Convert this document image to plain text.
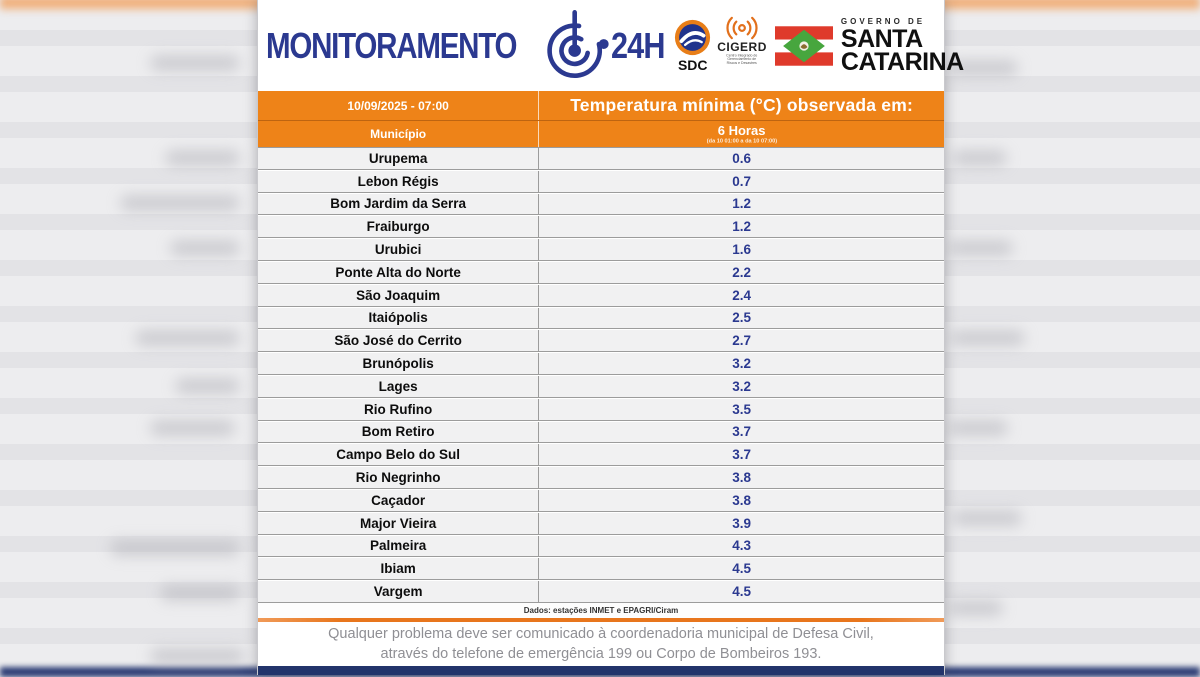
MONITORAMENTO	24H SDC
CIGERD
Centro Integrado de Gerenciamento de Riscos e Desastres
GOVERNO DE
SANTA
CATARINA
10/09/2025 - 07:00	Temperatura mínima (°C) observada em:
Município	6 Horas
(da 10 01:00 a da 10 07:00)
Urupema	0.6
Lebon Régis	0.7
Bom Jardim da Serra	1.2
Fraiburgo	1.2
Urubici	1.6
Ponte Alta do Norte	2.2
São Joaquim	2.4
Itaiópolis	2.5
São José do Cerrito	2.7
Brunópolis	3.2
Lages	3.2
Rio Rufino	3.5
Bom Retiro	3.7
Campo Belo do Sul	3.7
Rio Negrinho	3.8
Caçador	3.8
Major Vieira	3.9
Palmeira	4.3
Ibiam	4.5
Vargem	4.5
Dados: estações INMET e EPAGRI/Ciram
Qualquer problema deve ser comunicado à coordenadoria municipal de Defesa Civil,
através do telefone de emergência 199 ou Corpo de Bombeiros 193.
